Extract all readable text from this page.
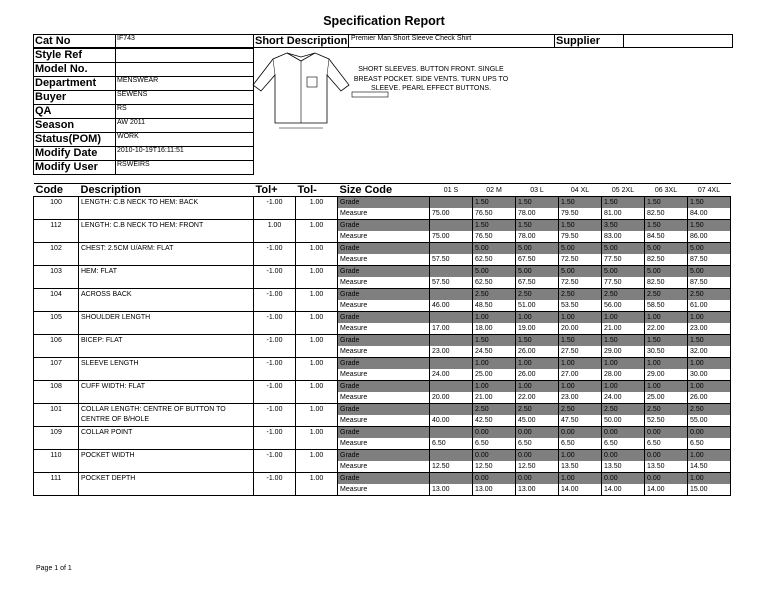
Specification Report
Cat No	IF743
Style Ref
Model No.
Department	MENSWEAR
Buyer	SEWENS
QA	RS
Season	AW 2011
Status(POM) WORK
Modify Date	2010-10-19T16:11:51
Modify User	RSWEIRS
Short Description Premier Man Short Sleeve Check Shirt	Supplier
SHORT SLEEVES. BUTTON FRONT. SINGLE BREAST POCKET. SIDE VENTS. TURN UPS TO SLEEVE. PEARL EFFECT BUTTONS.
Page 1 of 1
Code	Description	Tol+	Tol-	Size Code	01 S	02 M	03 L	04 XL	05 2XL	06 3XL	07 4XL
100	LENGTH: C.B NECK TO HEM: BACK	-1.00	1.00	Grade		1.50	1.50	1.50	1.50	1.50	1.50
				Measure	75.00	76.50	78.00	79.50	81.00	82.50	84.00
112	LENGTH: C.B NECK TO HEM: FRONT	1.00	1.00	Grade		1.50	1.50	1.50	3.50	1.50	1.50
				Measure	75.00	76.50	78.00	79.50	83.00	84.50	86.00
102	CHEST: 2.5CM U/ARM: FLAT	-1.00	1.00	Grade		5.00	5.00	5.00	5.00	5.00	5.00
				Measure	57.50	62.50	67.50	72.50	77.50	82.50	87.50
103	HEM: FLAT	-1.00	1.00	Grade		5.00	5.00	5.00	5.00	5.00	5.00
				Measure	57.50	62.50	67.50	72.50	77.50	82.50	87.50
104	ACROSS BACK	-1.00	1.00	Grade		2.50	2.50	2.50	2.50	2.50	2.50
				Measure	46.00	48.50	51.00	53.50	56.00	58.50	61.00
105	SHOULDER LENGTH	-1.00	1.00	Grade		1.00	1.00	1.00	1.00	1.00	1.00
				Measure	17.00	18.00	19.00	20.00	21.00	22.00	23.00
106	BICEP: FLAT	-1.00	1.00	Grade		1.50	1.50	1.50	1.50	1.50	1.50
				Measure	23.00	24.50	26.00	27.50	29.00	30.50	32.00
107	SLEEVE LENGTH	-1.00	1.00	Grade		1.00	1.00	1.00	1.00	1.00	1.00
				Measure	24.00	25.00	26.00	27.00	28.00	29.00	30.00
108	CUFF WIDTH: FLAT	-1.00	1.00	Grade		1.00	1.00	1.00	1.00	1.00	1.00
				Measure	20.00	21.00	22.00	23.00	24.00	25.00	26.00
101	COLLAR LENGTH: CENTRE OF BUTTON TO CENTRE OF B/HOLE	-1.00	1.00	Grade		2.50	2.50	2.50	2.50	2.50	2.50
				Measure	40.00	42.50	45.00	47.50	50.00	52.50	55.00
109	COLLAR POINT	-1.00	1.00	Grade		0.00	0.00	0.00	0.00	0.00	0.00
				Measure	6.50	6.50	6.50	6.50	6.50	6.50	6.50
110	POCKET WIDTH	-1.00	1.00	Grade		0.00	0.00	1.00	0.00	0.00	1.00
				Measure	12.50	12.50	12.50	13.50	13.50	13.50	14.50
111	POCKET DEPTH	-1.00	1.00	Grade		0.00	0.00	1.00	0.00	0.00	1.00
				Measure	13.00	13.00	13.00	14.00	14.00	14.00	15.00
